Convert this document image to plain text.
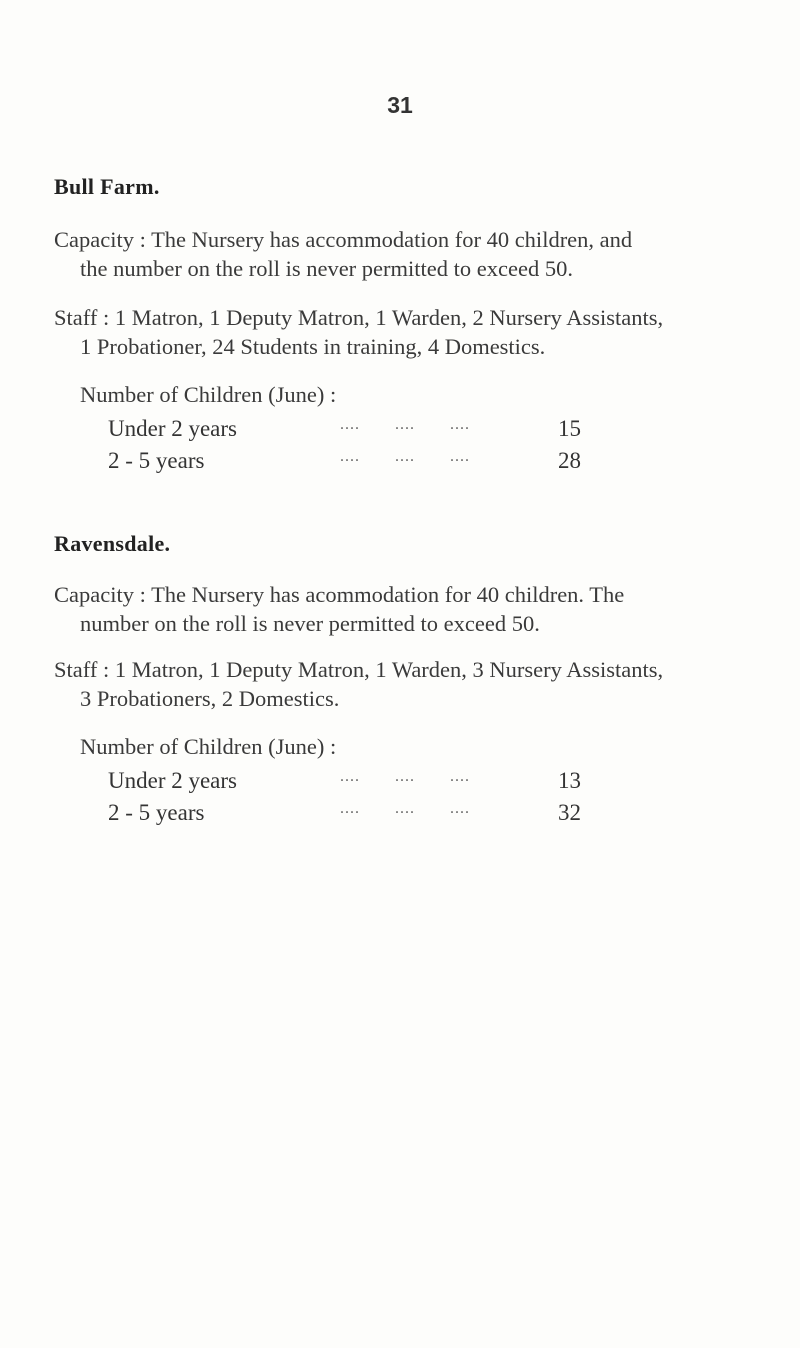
31
Bull Farm.
Capacity : The Nursery has accommodation for 40 children, and
the number on the roll is never permitted to exceed 50.
Staff : 1 Matron, 1 Deputy Matron, 1 Warden, 2 Nursery Assistants,
1 Probationer, 24 Students in training, 4 Domestics.
Number of Children (June) :
Under 2 years	....       ....       ....	15
2 - 5 years	....       ....       ....	28
Ravensdale.
Capacity : The Nursery has acommodation for 40 children. The
number on the roll is never permitted to exceed 50.
Staff : 1 Matron, 1 Deputy Matron, 1 Warden, 3 Nursery Assistants,
3 Probationers, 2 Domestics.
Number of Children (June) :
Under 2 years	....       ....       ....	13
2 - 5 years	....       ....       ....	32
